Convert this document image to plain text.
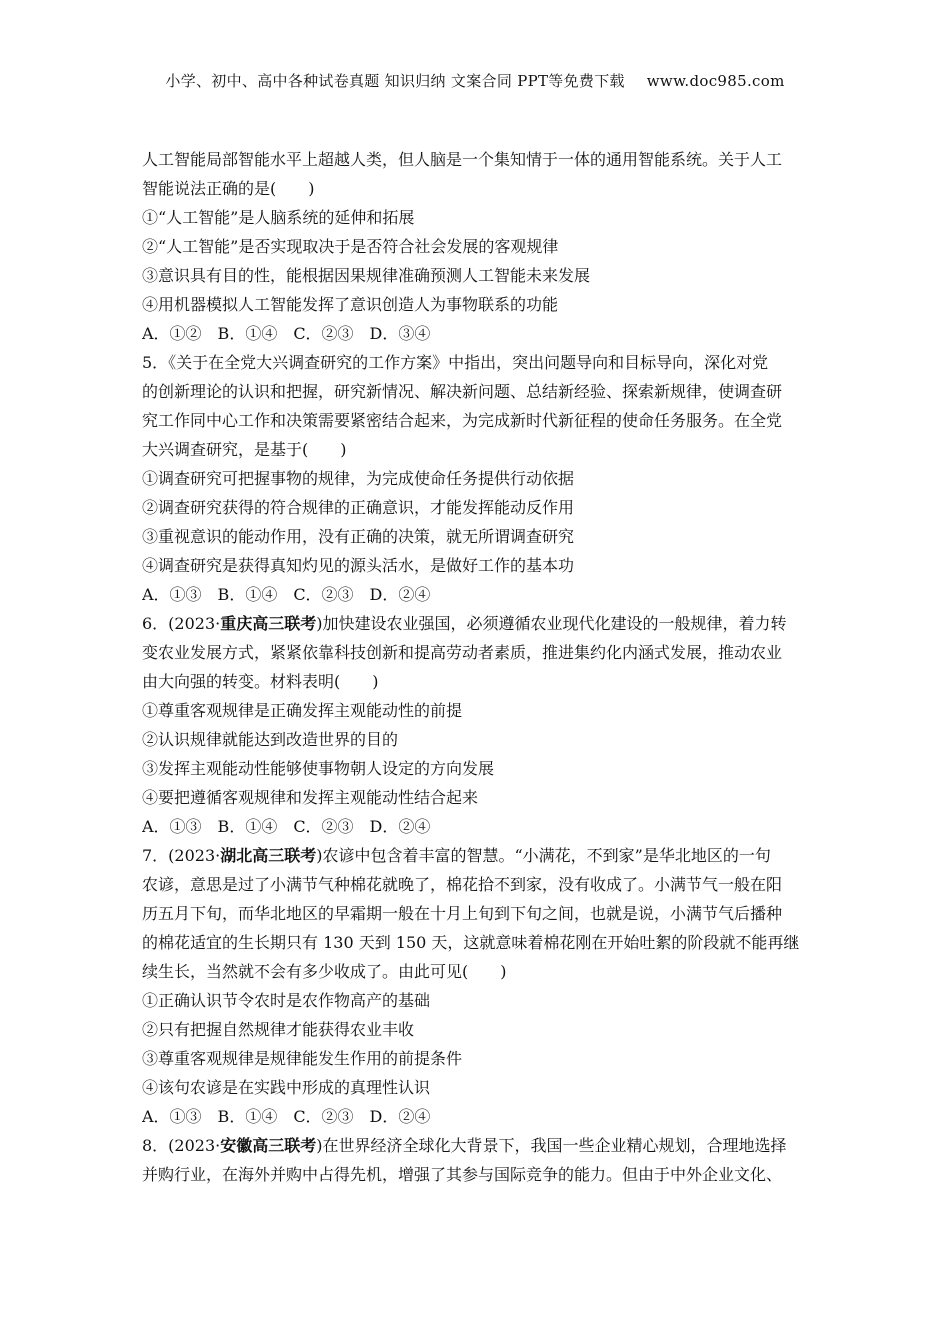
小学、初中、高中各种试卷真题 知识归纳 文案合同 PPT等免费下载 www.doc985.com
人工智能局部智能水平上超越人类，但人脑是一个集知情于一体的通用智能系统。关于人工
智能说法正确的是(　　)
①“人工智能”是人脑系统的延伸和拓展
②“人工智能”是否实现取决于是否符合社会发展的客观规律
③意识具有目的性，能根据因果规律准确预测人工智能未来发展
④用机器模拟人工智能发挥了意识创造人为事物联系的功能
A．①②　B．①④　C．②③　D．③④
5．《关于在全党大兴调查研究的工作方案》中指出，突出问题导向和目标导向，深化对党
的创新理论的认识和把握，研究新情况、解决新问题、总结新经验、探索新规律，使调查研
究工作同中心工作和决策需要紧密结合起来，为完成新时代新征程的使命任务服务。在全党
大兴调查研究，是基于(　　)
①调查研究可把握事物的规律，为完成使命任务提供行动依据
②调查研究获得的符合规律的正确意识，才能发挥能动反作用
③重视意识的能动作用，没有正确的决策，就无所谓调查研究
④调查研究是获得真知灼见的源头活水，是做好工作的基本功
A．①③　B．①④　C．②③　D．②④
6．(2023·重庆高三联考)加快建设农业强国，必须遵循农业现代化建设的一般规律，着力转
变农业发展方式，紧紧依靠科技创新和提高劳动者素质，推进集约化内涵式发展，推动农业
由大向强的转变。材料表明(　　)
①尊重客观规律是正确发挥主观能动性的前提
②认识规律就能达到改造世界的目的
③发挥主观能动性能够使事物朝人设定的方向发展
④要把遵循客观规律和发挥主观能动性结合起来
A．①③　B．①④　C．②③　D．②④
7．(2023·湖北高三联考)农谚中包含着丰富的智慧。“小满花，不到家”是华北地区的一句
农谚，意思是过了小满节气种棉花就晚了，棉花拾不到家，没有收成了。小满节气一般在阳
历五月下旬，而华北地区的早霜期一般在十月上旬到下旬之间，也就是说，小满节气后播种
的棉花适宜的生长期只有 130 天到 150 天，这就意味着棉花刚在开始吐絮的阶段就不能再继
续生长，当然就不会有多少收成了。由此可见(　　)
①正确认识节令农时是农作物高产的基础
②只有把握自然规律才能获得农业丰收
③尊重客观规律是规律能发生作用的前提条件
④该句农谚是在实践中形成的真理性认识
A．①③　B．①④　C．②③　D．②④
8．(2023·安徽高三联考)在世界经济全球化大背景下，我国一些企业精心规划，合理地选择
并购行业，在海外并购中占得先机，增强了其参与国际竞争的能力。但由于中外企业文化、
